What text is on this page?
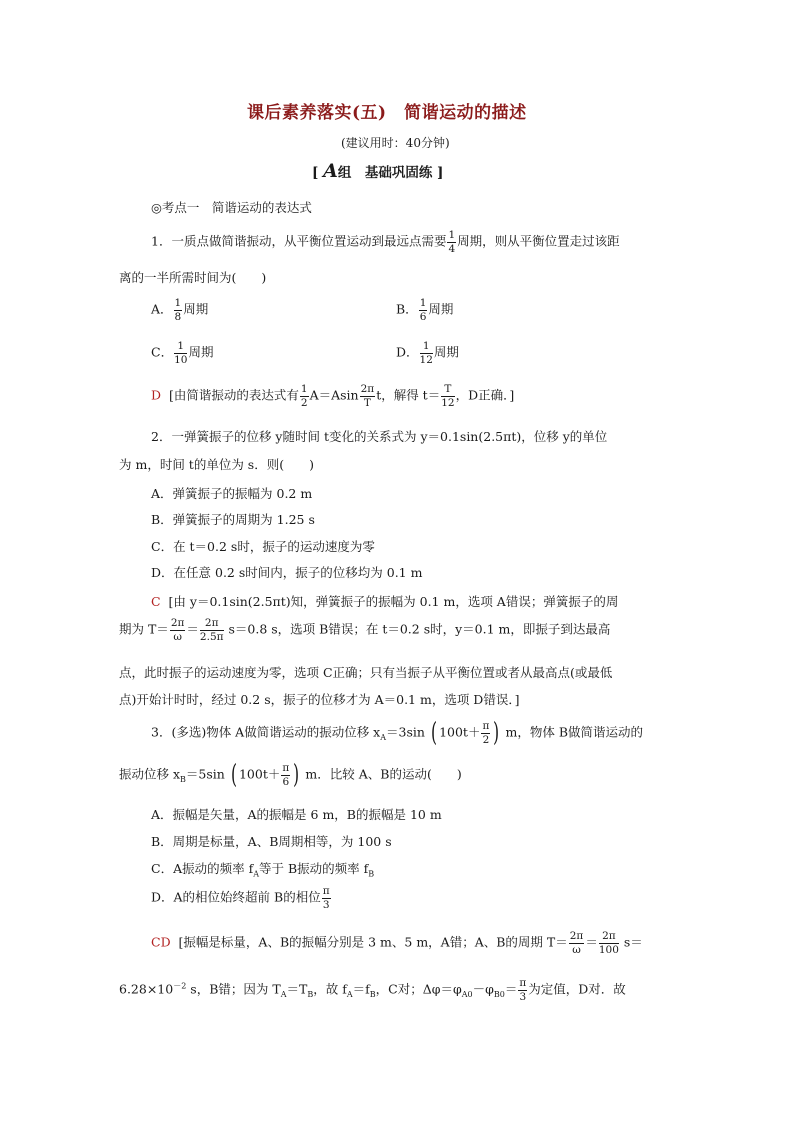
课后素养落实(五)　简谐运动的描述
(建议用时：40分钟)
[ A组　基础巩固练 ]
◎考点一　简谐运动的表达式
1．一质点做简谐振动，从平衡位置运动到最远点需要 $\frac{1}{4}$ 周期，则从平衡位置走过该距
离的一半所需时间为(　　)
A． $\frac{1}{8}$ 周期	B． $\frac{1}{6}$ 周期
C． $\frac{1}{10}$ 周期	D． $\frac{1}{12}$ 周期
D [由简谐振动的表达式有 $\frac{1}{2} A=Asin \frac{2\pi}{T}$ t，解得 $t= \frac{T}{12}$ ，D正确．]
2．一弹簧振子的位移 y随时间 t变化的关系式为 y＝0.1sin(2.5πt)，位移 y的单位
为 m，时间 t的单位为 s．则(　　)
A．弹簧振子的振幅为 0.2 m
B．弹簧振子的周期为 1.25 s
C．在 t＝0.2 s时，振子的运动速度为零
D．在任意 0.2 s时间内，振子的位移均为 0.1 m
C [由 y＝0.1sin(2.5πt)知，弹簧振子的振幅为 0.1 m，选项 A错误；弹簧振子的周
期为 $T= \frac{2\pi}{\omega} = \frac{2\pi}{2.5\pi} s=0.8$ s，选项 B错误；在 t＝0.2 s时，y＝0.1 m，即振子到达最高
点，此时振子的运动速度为零，选项 C正确；只有当振子从平衡位置或者从最高点(或最低
点)开始计时时，经过 0.2 s，振子的位移才为 A＝0.1 m，选项 D错误．]
3．(多选)物体 A做简谐运动的振动位移 $x_A=3\sin$ ( $100t+ \frac{\pi}{2}$ ) m，物体 B做简谐运动的
振动位移 $x_B=5\sin$ ( $100t+ \frac{\pi}{6}$ ) m．比较 A、B的运动(　　)
A．振幅是矢量，A的振幅是 6 m，B的振幅是 10 m
B．周期是标量，A、B周期相等，为 100 s
C．A振动的频率 $f_A$等于 B振动的频率 $f_B$
D．A的相位始终超前 B的相位 $\frac{\pi}{3}$
CD [振幅是标量，A、B的振幅分别是 3 m、5 m，A错；A、B的周期 $T= \frac{2\pi}{\omega} = \frac{2\pi}{100} s=$
$6.28\times 10^{-2}$ s，B错；因为 $T_A=T_B$，故 $f_A=f_B$，C对；$\Delta\varphi=\varphi_{A0}-\varphi_{B0}= \frac{\pi}{3}$ 为定值，D对．故
